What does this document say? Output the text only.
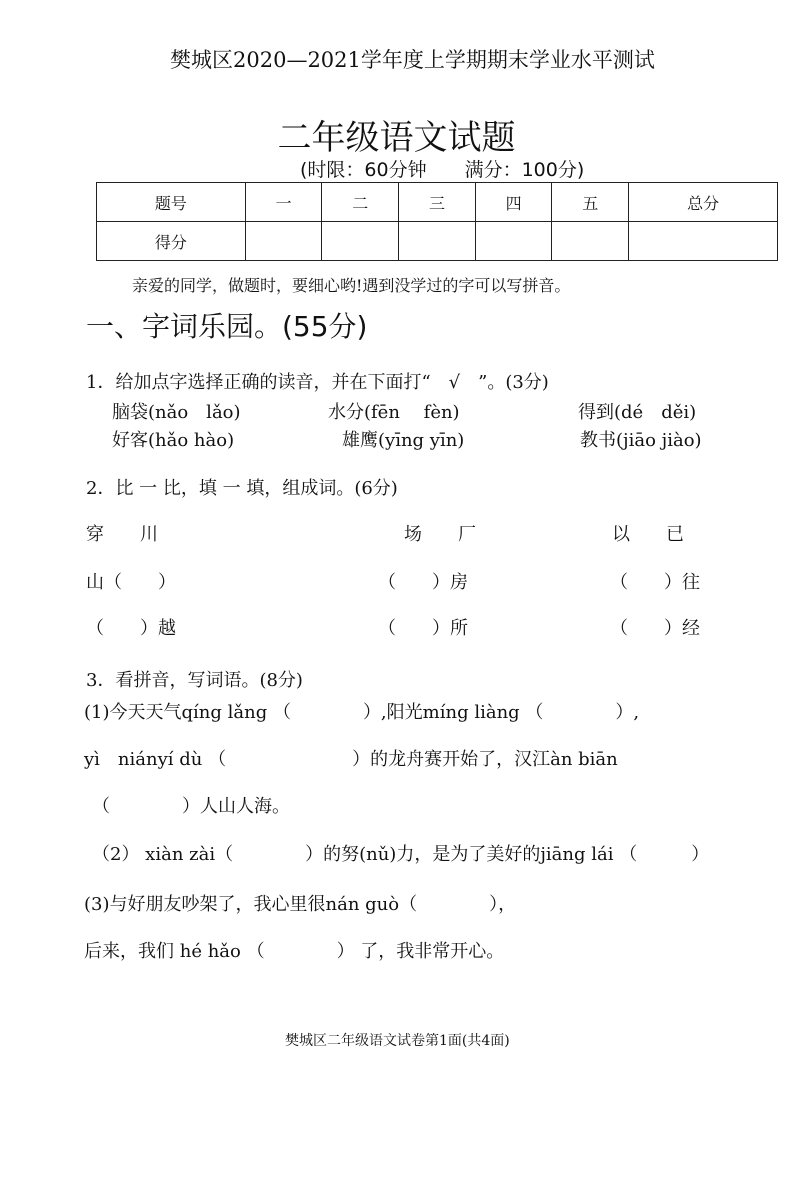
樊城区2020—2021学年度上学期期末学业水平测试
二年级语文试题
(时限：60分钟　　满分：100分)
题号	一	二	三	四	五	总分
得分						
亲爱的同学，做题时，要细心哟!遇到没学过的字可以写拼音。
一、字词乐园。(55分)
1．给加点字选择正确的读音，并在下面打“　√　”。(3分)
脑袋(nǎo　lǎo)	水分(fēn　 fèn)	得到(dé　děi)
好客(hǎo hào)	雄鹰(yīng yīn)	教书(jiāo jiào)
2．比 一 比，填 一 填，组成词。(6分)
穿　　川	场　　厂	以　　已
山（　　）	（　　）房	（　　）往
（　　）越	（　　）所	（　　）经
3．看拼音，写词语。(8分)
(1)今天天气qíng lǎng （　　　　）,阳光míng liàng （　　　　）,
yì　niányí dù （　　　　　　　）的龙舟赛开始了，汉江àn biān
（　　　　）人山人海。
（2） xiàn zài（　　　　）的努(nǔ)力，是为了美好的jiāng lái （　　　）
(3)与好朋友吵架了，我心里很nán guò（　　　　），
后来，我们 hé hǎo （　　　　） 了，我非常开心。
樊城区二年级语文试卷第1面(共4面)
